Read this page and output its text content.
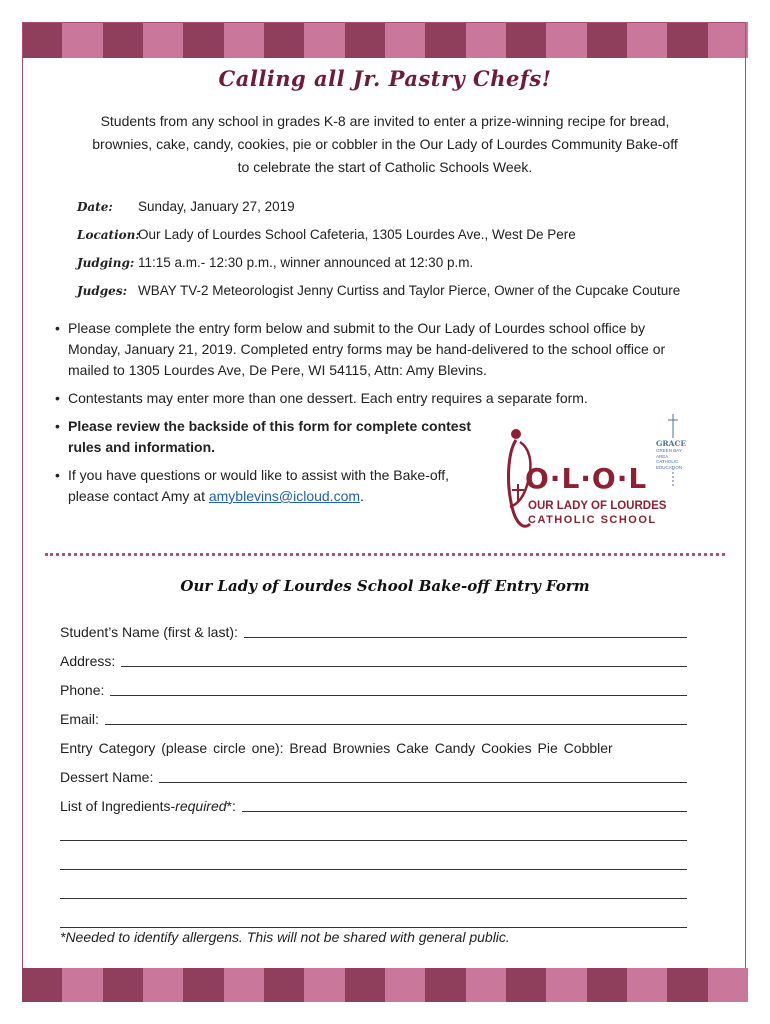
Calling all Jr. Pastry Chefs!
Students from any school in grades K-8 are invited to enter a prize-winning recipe for bread, brownies, cake, candy, cookies, pie or cobbler in the Our Lady of Lourdes Community Bake-off to celebrate the start of Catholic Schools Week.
Date:	Sunday, January 27, 2019
Location:
Our Lady of Lourdes School Cafeteria, 1305 Lourdes Ave., West De Pere
Judging: 11:15 a.m.- 12:30 p.m., winner announced at 12:30 p.m.
Judges: WBAY TV-2 Meteorologist Jenny Curtiss and Taylor Pierce, Owner of the Cupcake Couture
• Please complete the entry form below and submit to the Our Lady of Lourdes school office by Monday, January 21, 2019. Completed entry forms may be hand-delivered to the school office or mailed to 1305 Lourdes Ave, De Pere, WI 54115, Attn: Amy Blevins.
• Contestants may enter more than one dessert. Each entry requires a separate form.
• Please review the backside of this form for complete contest rules and information.
• If you have questions or would like to assist with the Bake-off, please contact Amy at amyblevins@icloud.com.
O·L·O·L
OUR LADY OF LOURDES
CATHOLIC SCHOOL
GRACE
GREEN BAY AREA CATHOLIC EDUCATION
Our Lady of Lourdes School Bake-off Entry Form
Student’s Name (first & last):
Address:
Phone:
Email:
Entry Category (please circle one): Bread Brownies Cake Candy Cookies Pie Cobbler
Dessert Name:
List of Ingredients-required*:
*Needed to identify allergens. This will not be shared with general public.
